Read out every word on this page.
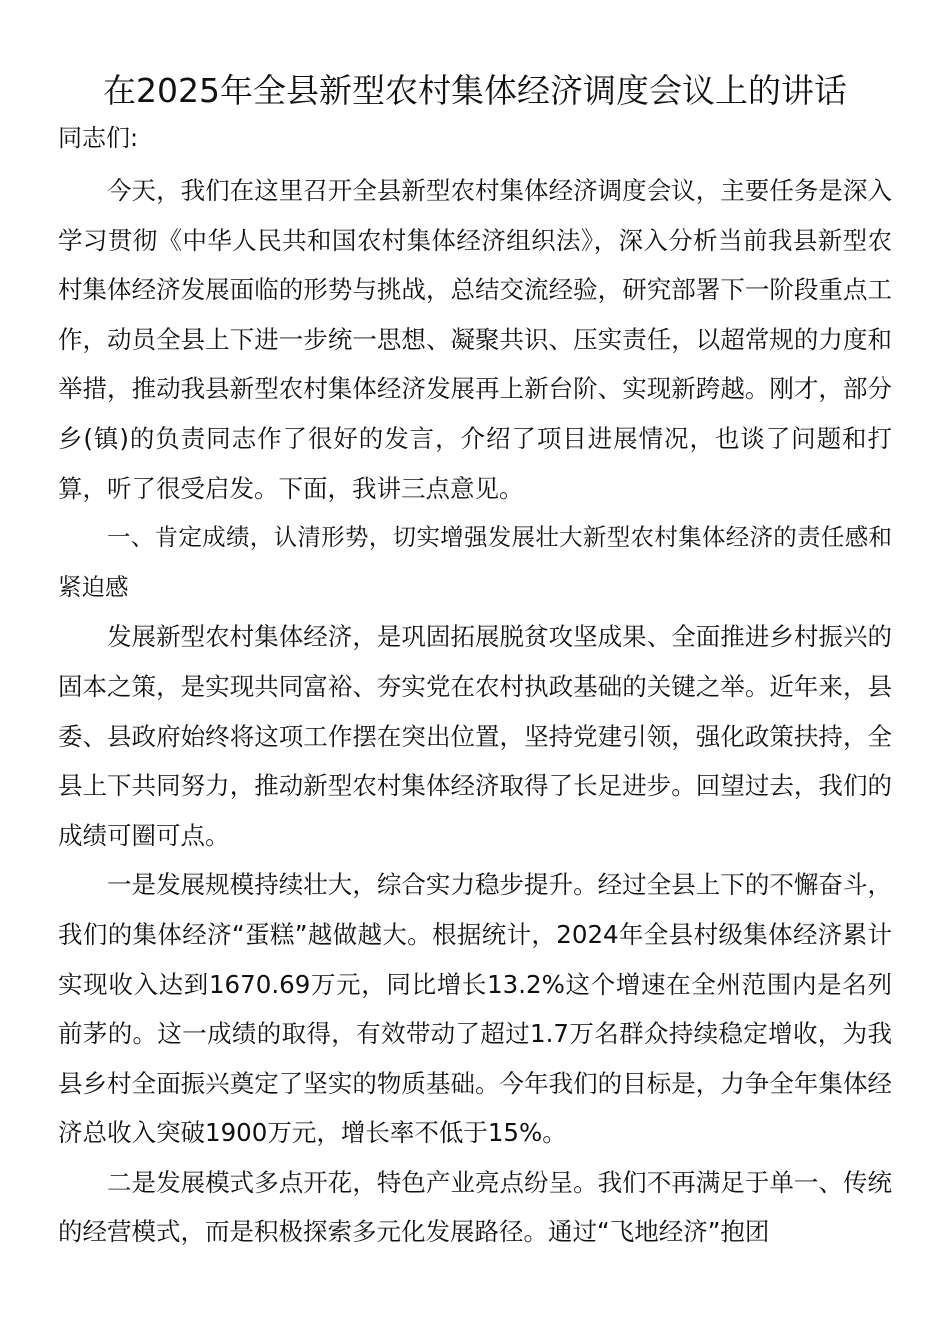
在2025年全县新型农村集体经济调度会议上的讲话

同志们:

今天，我们在这里召开全县新型农村集体经济调度会议，主要任务是深入学习贯彻《中华人民共和国农村集体经济组织法》，深入分析当前我县新型农村集体经济发展面临的形势与挑战，总结交流经验，研究部署下一阶段重点工作，动员全县上下进一步统一思想、凝聚共识、压实责任，以超常规的力度和举措，推动我县新型农村集体经济发展再上新台阶、实现新跨越。刚才，部分乡(镇)的负责同志作了很好的发言，介绍了项目进展情况，也谈了问题和打算，听了很受启发。下面，我讲三点意见。

一、肯定成绩，认清形势，切实增强发展壮大新型农村集体经济的责任感和紧迫感

发展新型农村集体经济，是巩固拓展脱贫攻坚成果、全面推进乡村振兴的固本之策，是实现共同富裕、夯实党在农村执政基础的关键之举。近年来，县委、县政府始终将这项工作摆在突出位置，坚持党建引领，强化政策扶持，全县上下共同努力，推动新型农村集体经济取得了长足进步。回望过去，我们的成绩可圈可点。

一是发展规模持续壮大，综合实力稳步提升。经过全县上下的不懈奋斗，我们的集体经济“蛋糕”越做越大。根据统计，2024年全县村级集体经济累计实现收入达到1670.69万元，同比增长13.2%这个增速在全州范围内是名列前茅的。这一成绩的取得，有效带动了超过1.7万名群众持续稳定增收，为我县乡村全面振兴奠定了坚实的物质基础。今年我们的目标是，力争全年集体经济总收入突破1900万元，增长率不低于15%。

二是发展模式多点开花，特色产业亮点纷呈。我们不再满足于单一、传统的经营模式，而是积极探索多元化发展路径。通过“飞地经济”抱团
